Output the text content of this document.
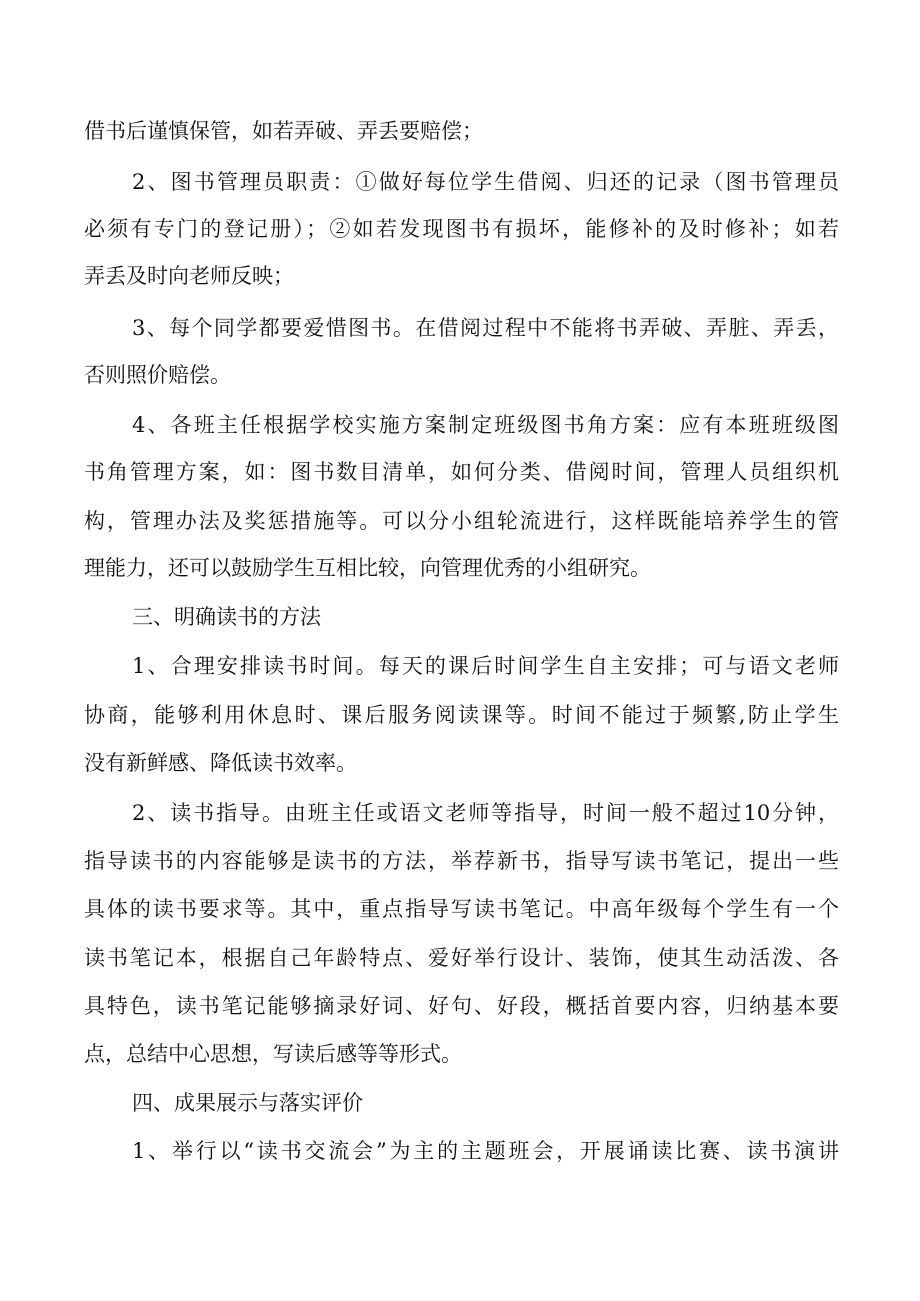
借书后谨慎保管，如若弄破、弄丢要赔偿；
2、图书管理员职责：①做好每位学生借阅、归还的记录（图书管理员
必须有专门的登记册）；②如若发现图书有损坏，能修补的及时修补；如若
弄丢及时向老师反映；
3、每个同学都要爱惜图书。在借阅过程中不能将书弄破、弄脏、弄丢，
否则照价赔偿。
4、各班主任根据学校实施方案制定班级图书角方案：应有本班班级图
书角管理方案，如：图书数目清单，如何分类、借阅时间，管理人员组织机
构，管理办法及奖惩措施等。可以分小组轮流进行，这样既能培养学生的管
理能力，还可以鼓励学生互相比较，向管理优秀的小组研究。
三、明确读书的方法
1、合理安排读书时间。每天的课后时间学生自主安排；可与语文老师
协商，能够利用休息时、课后服务阅读课等。时间不能过于频繁,防止学生
没有新鲜感、降低读书效率。
2、读书指导。由班主任或语文老师等指导，时间一般不超过10分钟，
指导读书的内容能够是读书的方法，举荐新书，指导写读书笔记，提出一些
具体的读书要求等。其中，重点指导写读书笔记。中高年级每个学生有一个
读书笔记本，根据自己年龄特点、爱好举行设计、装饰，使其生动活泼、各
具特色，读书笔记能够摘录好词、好句、好段，概括首要内容，归纳基本要
点，总结中心思想，写读后感等等形式。
四、成果展示与落实评价
1、举行以“读书交流会”为主的主题班会，开展诵读比赛、读书演讲
